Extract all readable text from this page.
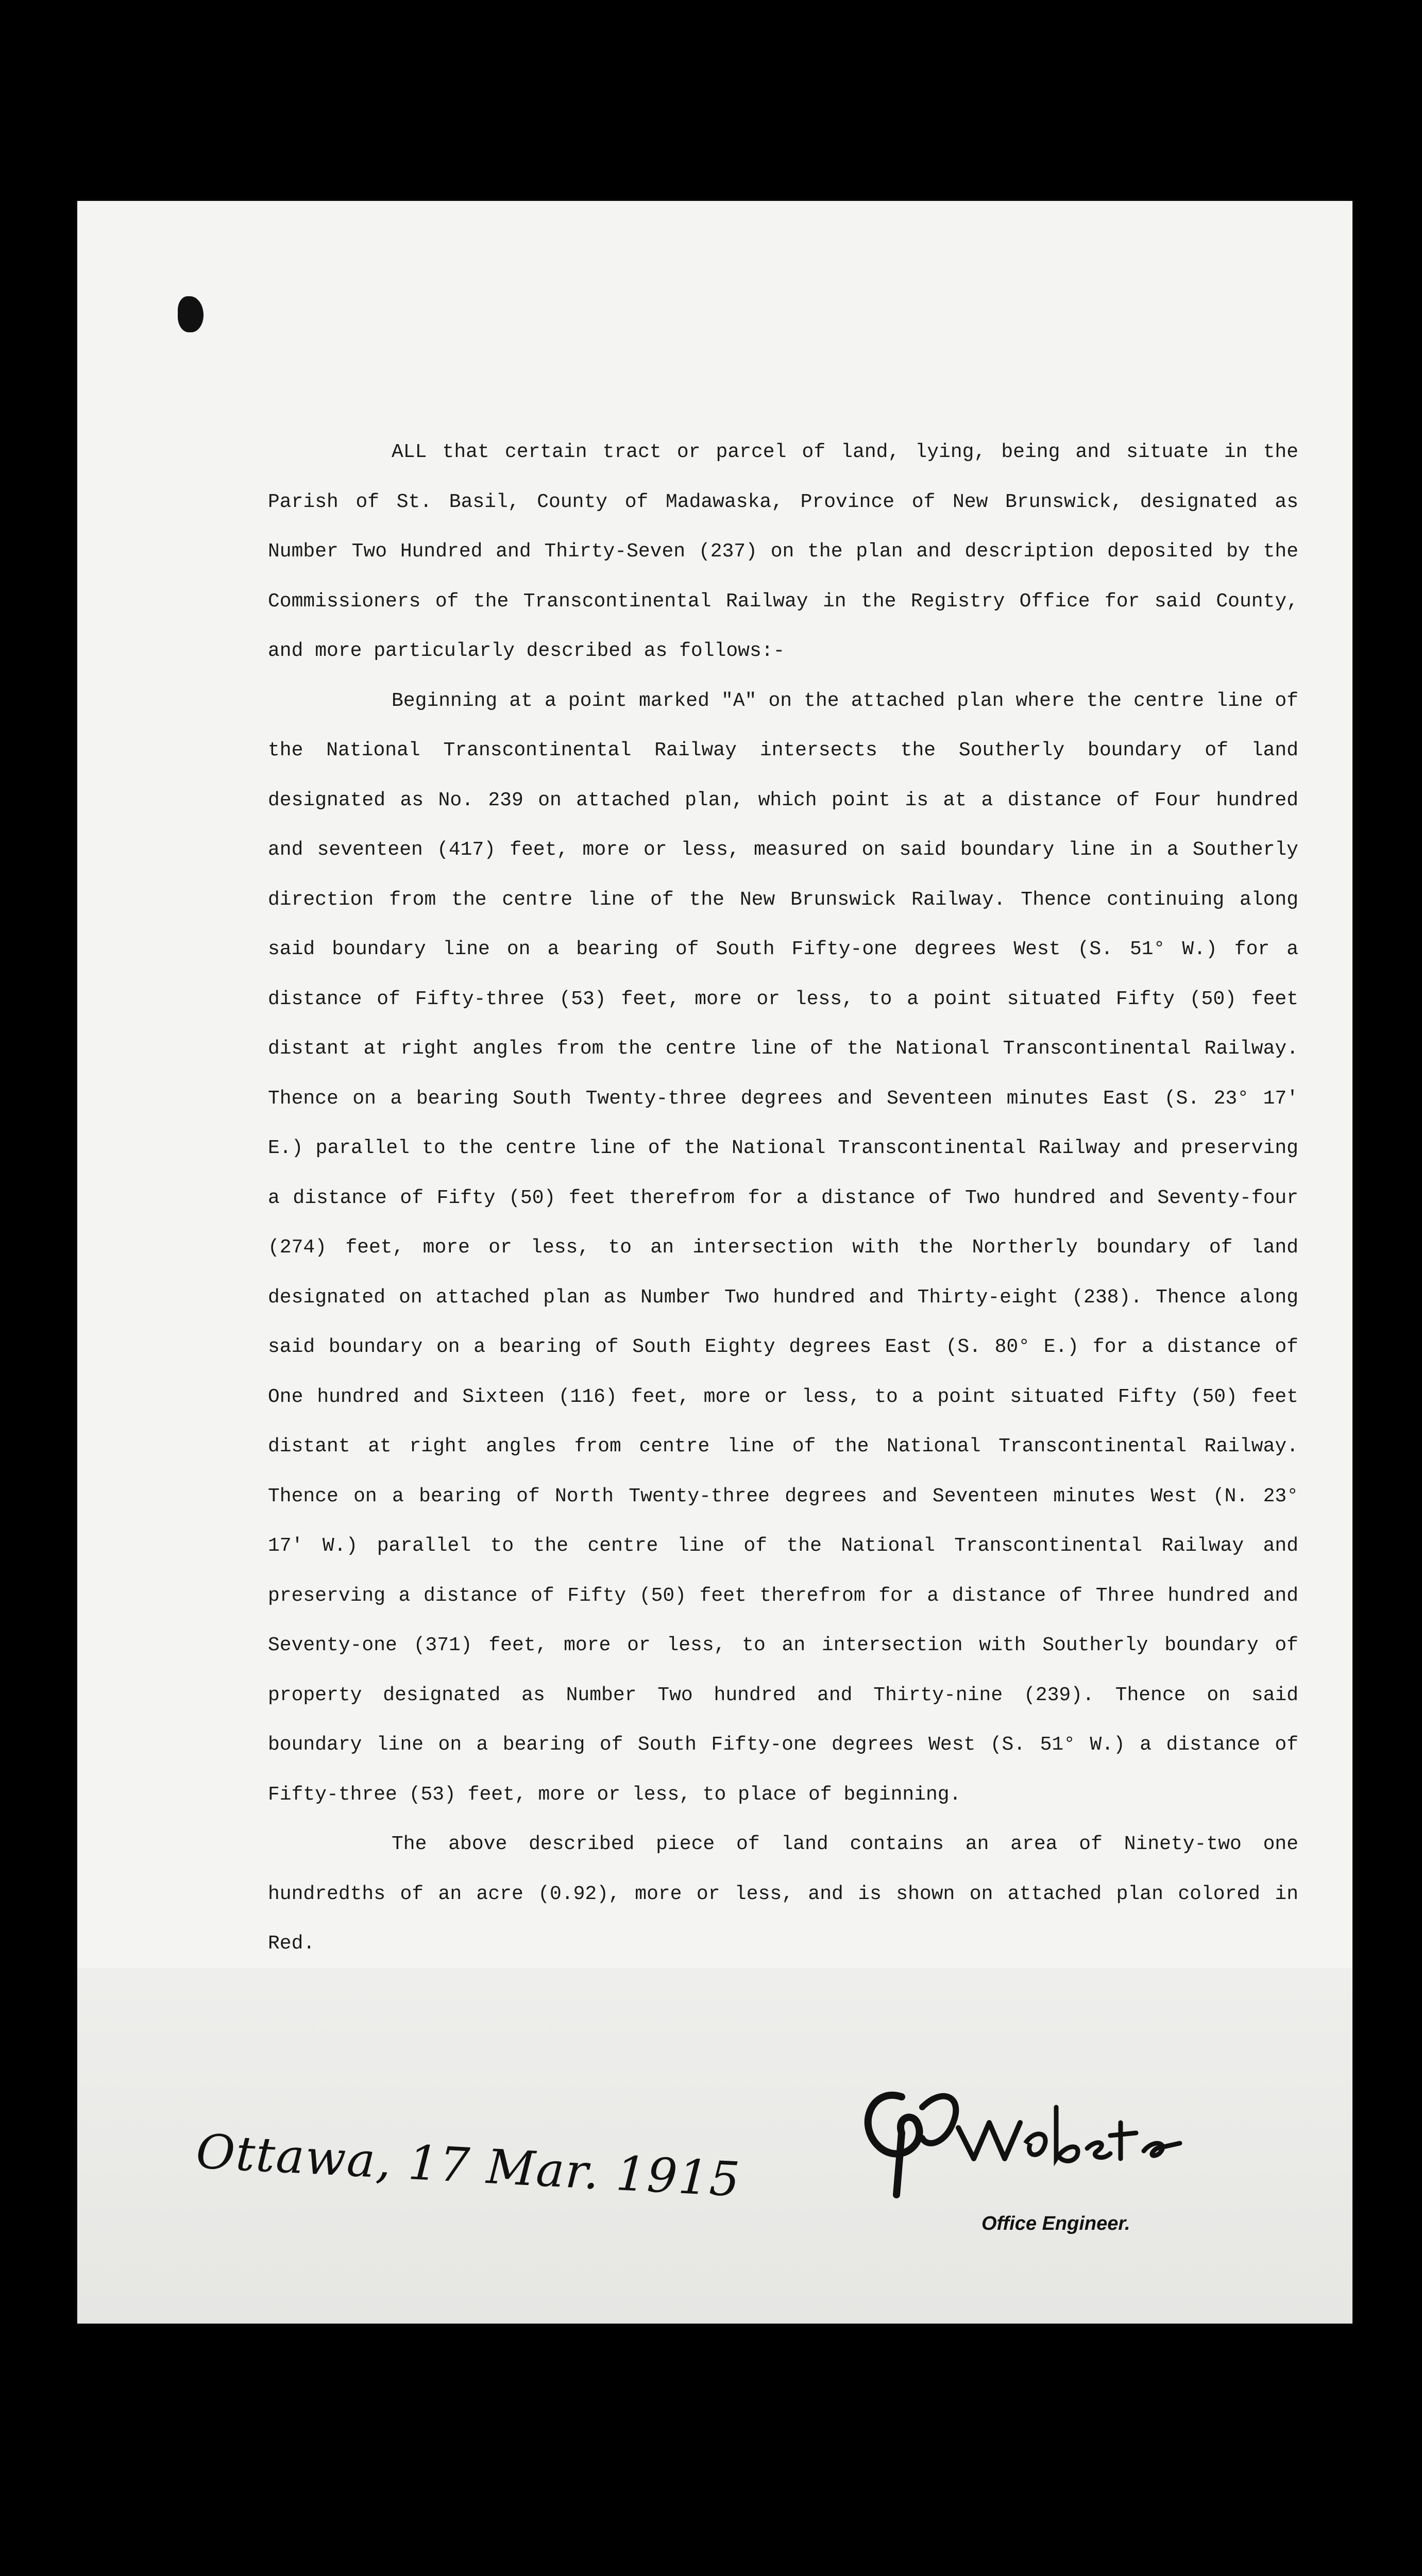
ALL that certain tract or parcel of land, lying, being and situate in the Parish of St. Basil, County of Madawaska, Province of New Brunswick, designated as Number Two Hundred and Thirty-Seven (237) on the plan and description deposited by the Commissioners of the Transcontinental Railway in the Registry Office for said County, and more particularly described as follows:-

Beginning at a point marked "A" on the attached plan where the centre line of the National Transcontinental Railway intersects the Southerly boundary of land designated as No. 239 on attached plan, which point is at a distance of Four hundred and seventeen (417) feet, more or less, measured on said boundary line in a Southerly direction from the centre line of the New Brunswick Railway. Thence continuing along said boundary line on a bearing of South Fifty-one degrees West (S. 51° W.) for a distance of Fifty-three (53) feet, more or less, to a point situated Fifty (50) feet distant at right angles from the centre line of the National Transcontinental Railway. Thence on a bearing South Twenty-three degrees and Seventeen minutes East (S. 23° 17' E.) parallel to the centre line of the National Transcontinental Railway and preserving a distance of Fifty (50) feet therefrom for a distance of Two hundred and Seventy-four (274) feet, more or less, to an intersection with the Northerly boundary of land designated on attached plan as Number Two hundred and Thirty-eight (238). Thence along said boundary on a bearing of South Eighty degrees East (S. 80° E.) for a distance of One hundred and Sixteen (116) feet, more or less, to a point situated Fifty (50) feet distant at right angles from centre line of the National Transcontinental Railway. Thence on a bearing of North Twenty-three degrees and Seventeen minutes West (N. 23° 17' W.) parallel to the centre line of the National Transcontinental Railway and preserving a distance of Fifty (50) feet therefrom for a distance of Three hundred and Seventy-one (371) feet, more or less, to an intersection with Southerly boundary of property designated as Number Two hundred and Thirty-nine (239). Thence on said boundary line on a bearing of South Fifty-one degrees West (S. 51° W.) a distance of Fifty-three (53) feet, more or less, to place of beginning.

The above described piece of land contains an area of Ninety-two one hundredths of an acre (0.92), more or less, and is shown on attached plan colored in Red.

Ottawa, 17 Mar. 1915
Office Engineer.
